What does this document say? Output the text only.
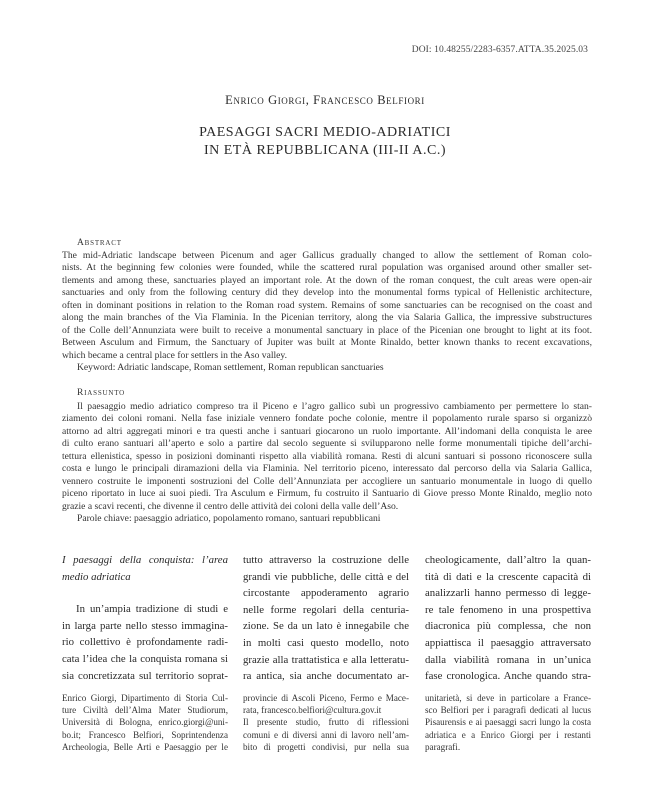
DOI: 10.48255/2283-6357.ATTA.35.2025.03
Enrico Giorgi, Francesco Belfiori
PAESAGGI SACRI MEDIO-ADRIATICI
IN ETÀ REPUBBLICANA (III-II A.C.)
Abstract
The mid-Adriatic landscape between Picenum and ager Gallicus gradually changed to allow the settlement of Roman colo-
nists. At the beginning few colonies were founded, while the scattered rural population was organised around other smaller set-
tlements and among these, sanctuaries played an important role. At the down of the roman conquest, the cult areas were open-air
sanctuaries and only from the following century did they develop into the monumental forms typical of Hellenistic architecture,
often in dominant positions in relation to the Roman road system. Remains of some sanctuaries can be recognised on the coast and
along the main branches of the Via Flaminia. In the Picenian territory, along the via Salaria Gallica, the impressive substructures
of the Colle dell’Annunziata were built to receive a monumental sanctuary in place of the Picenian one brought to light at its foot.
Between Asculum and Firmum, the Sanctuary of Jupiter was built at Monte Rinaldo, better known thanks to recent excavations,
which became a central place for settlers in the Aso valley.
Keyword: Adriatic landscape, Roman settlement, Roman republican sanctuaries
Riassunto
Il paesaggio medio adriatico compreso tra il Piceno e l’agro gallico subì un progressivo cambiamento per permettere lo stan-
ziamento dei coloni romani. Nella fase iniziale vennero fondate poche colonie, mentre il popolamento rurale sparso si organizzò
attorno ad altri aggregati minori e tra questi anche i santuari giocarono un ruolo importante. All’indomani della conquista le aree
di culto erano santuari all’aperto e solo a partire dal secolo seguente si svilupparono nelle forme monumentali tipiche dell’archi-
tettura ellenistica, spesso in posizioni dominanti rispetto alla viabilità romana. Resti di alcuni santuari si possono riconoscere sulla
costa e lungo le principali diramazioni della via Flaminia. Nel territorio piceno, interessato dal percorso della via Salaria Gallica,
vennero costruite le imponenti sostruzioni del Colle dell’Annunziata per accogliere un santuario monumentale in luogo di quello
piceno riportato in luce ai suoi piedi. Tra Asculum e Firmum, fu costruito il Santuario di Giove presso Monte Rinaldo, meglio noto
grazie a scavi recenti, che divenne il centro delle attività dei coloni della valle dell’Aso.
Parole chiave: paesaggio adriatico, popolamento romano, santuari repubblicani
I paesaggi della conquista: l’area
medio adriatica
In un’ampia tradizione di studi e
in larga parte nello stesso immagina-
rio collettivo è profondamente radi-
cata l’idea che la conquista romana si
sia concretizzata sul territorio soprat-
tutto attraverso la costruzione delle
grandi vie pubbliche, delle città e del
circostante appoderamento agrario
nelle forme regolari della centuria-
zione. Se da un lato è innegabile che
in molti casi questo modello, noto
grazie alla trattatistica e alla letteratu-
ra antica, sia anche documentato ar-
cheologicamente, dall’altro la quan-
tità di dati e la crescente capacità di
analizzarli hanno permesso di legge-
re tale fenomeno in una prospettiva
diacronica più complessa, che non
appiattisca il paesaggio attraversato
dalla viabilità romana in un’unica
fase cronologica. Anche quando stra-
Enrico Giorgi, Dipartimento di Storia Cul-
ture Civiltà dell’Alma Mater Studiorum,
Università di Bologna, enrico.giorgi@uni-
bo.it; Francesco Belfiori, Soprintendenza
Archeologia, Belle Arti e Paesaggio per le
provincie di Ascoli Piceno, Fermo e Mace-
rata, francesco.belfiori@cultura.gov.it
Il presente studio, frutto di riflessioni
comuni e di diversi anni di lavoro nell’am-
bito di progetti condivisi, pur nella sua
unitarietà, si deve in particolare a France-
sco Belfiori per i paragrafi dedicati al lucus
Pisaurensis e ai paesaggi sacri lungo la costa
adriatica e a Enrico Giorgi per i restanti
paragrafi.
